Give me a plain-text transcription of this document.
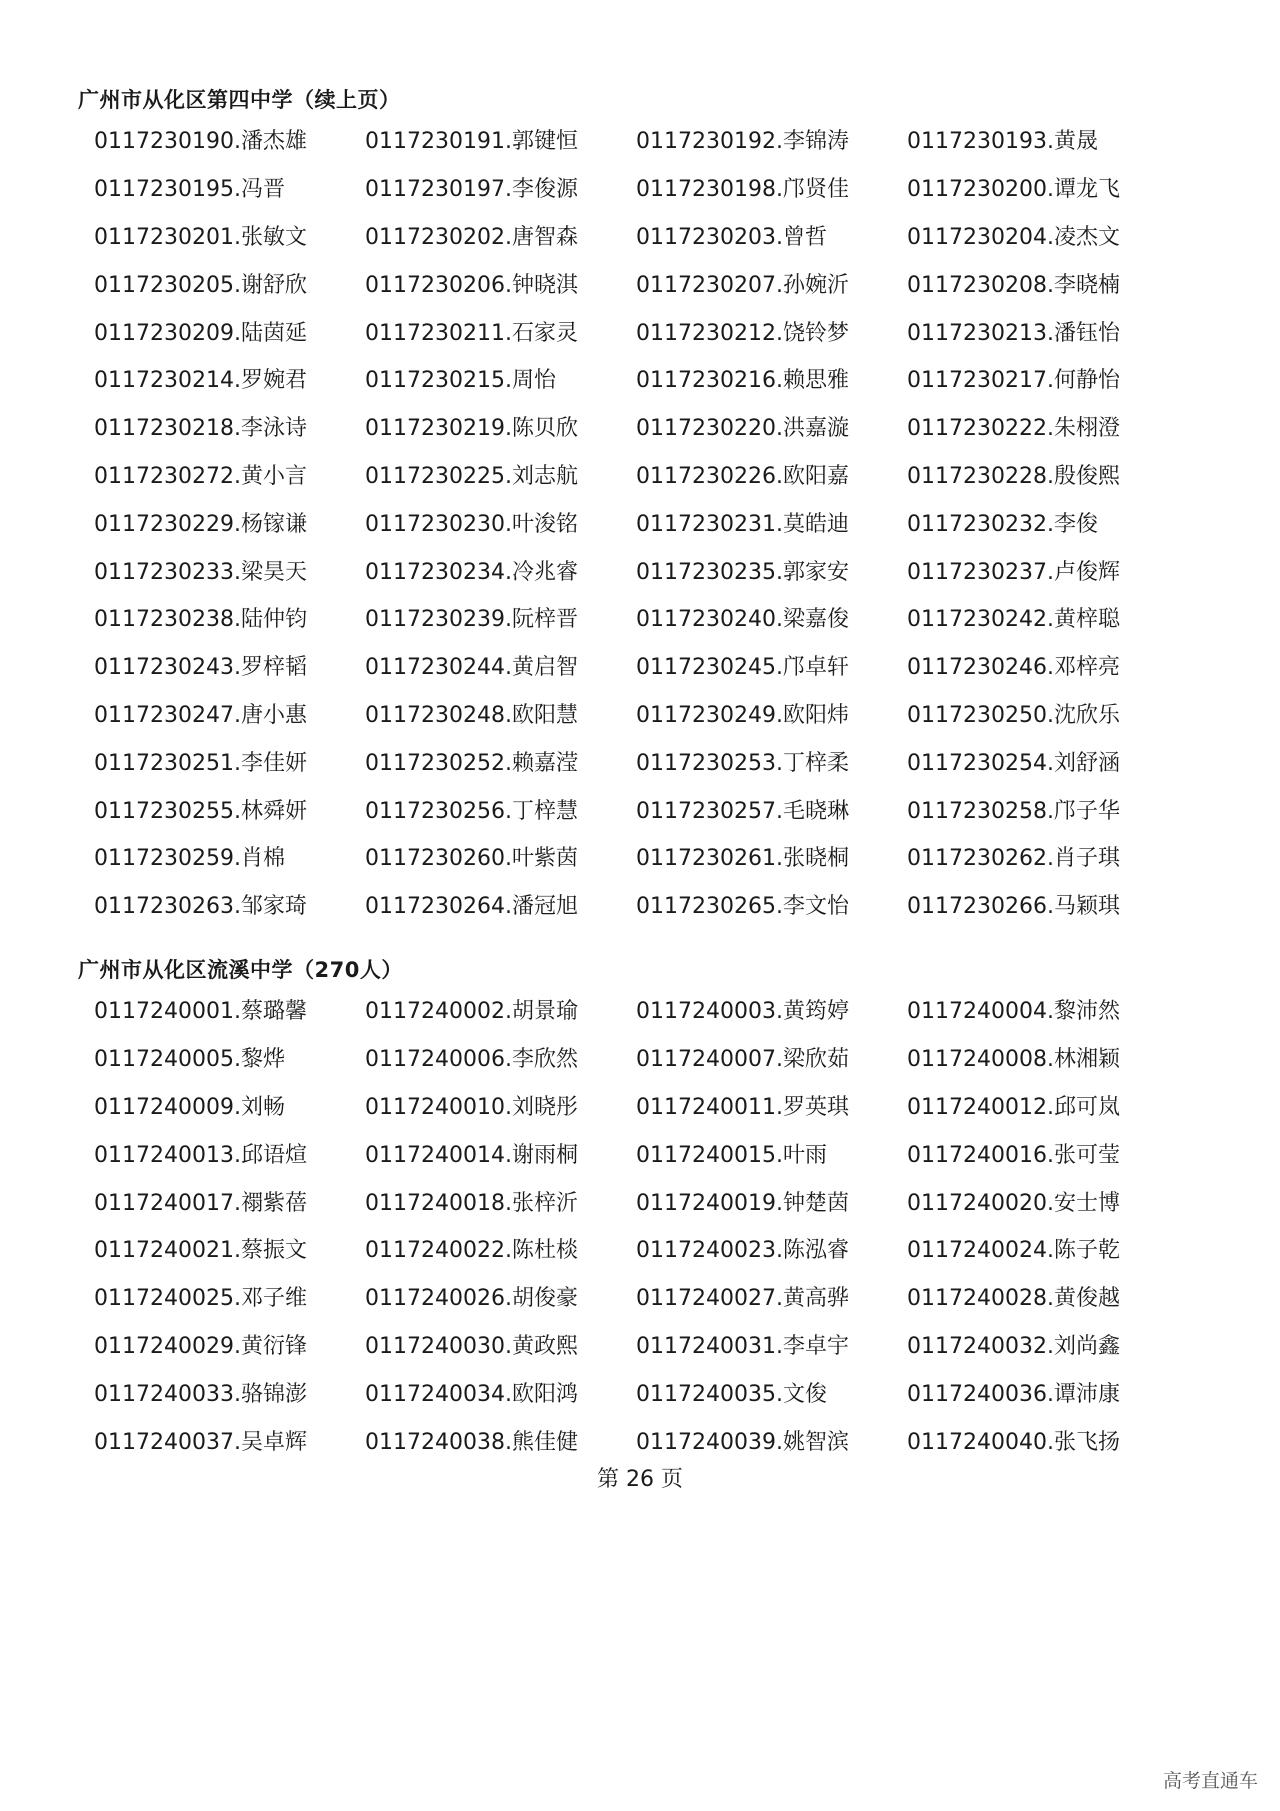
广州市从化区第四中学（续上页）
0117230190.潘杰雄	0117230191.郭键恒	0117230192.李锦涛	0117230193.黄晟
0117230195.冯晋	0117230197.李俊源	0117230198.邝贤佳	0117230200.谭龙飞
0117230201.张敏文	0117230202.唐智森	0117230203.曾哲	0117230204.凌杰文
0117230205.谢舒欣	0117230206.钟晓淇	0117230207.孙婉沂	0117230208.李晓楠
0117230209.陆茵延	0117230211.石家灵	0117230212.饶铃梦	0117230213.潘钰怡
0117230214.罗婉君	0117230215.周怡	0117230216.赖思雅	0117230217.何静怡
0117230218.李泳诗	0117230219.陈贝欣	0117230220.洪嘉漩	0117230222.朱栩澄
0117230272.黄小言	0117230225.刘志航	0117230226.欧阳嘉	0117230228.殷俊熙
0117230229.杨镓谦	0117230230.叶浚铭	0117230231.莫皓迪	0117230232.李俊
0117230233.梁昊天	0117230234.冷兆睿	0117230235.郭家安	0117230237.卢俊辉
0117230238.陆仲钧	0117230239.阮梓晋	0117230240.梁嘉俊	0117230242.黄梓聪
0117230243.罗梓韬	0117230244.黄启智	0117230245.邝卓轩	0117230246.邓梓亮
0117230247.唐小惠	0117230248.欧阳慧	0117230249.欧阳炜	0117230250.沈欣乐
0117230251.李佳妍	0117230252.赖嘉滢	0117230253.丁梓柔	0117230254.刘舒涵
0117230255.林舜妍	0117230256.丁梓慧	0117230257.毛晓琳	0117230258.邝子华
0117230259.肖棉	0117230260.叶紫茵	0117230261.张晓桐	0117230262.肖子琪
0117230263.邹家琦	0117230264.潘冠旭	0117230265.李文怡	0117230266.马颖琪
广州市从化区流溪中学（270人）
0117240001.蔡璐馨	0117240002.胡景瑜	0117240003.黄筠婷	0117240004.黎沛然
0117240005.黎烨	0117240006.李欣然	0117240007.梁欣茹	0117240008.林湘颖
0117240009.刘畅	0117240010.刘晓彤	0117240011.罗英琪	0117240012.邱可岚
0117240013.邱语煊	0117240014.谢雨桐	0117240015.叶雨	0117240016.张可莹
0117240017.禤紫蓓	0117240018.张梓沂	0117240019.钟楚茵	0117240020.安士博
0117240021.蔡振文	0117240022.陈杜棪	0117240023.陈泓睿	0117240024.陈子乾
0117240025.邓子维	0117240026.胡俊豪	0117240027.黄高骅	0117240028.黄俊越
0117240029.黄衍锋	0117240030.黄政熙	0117240031.李卓宇	0117240032.刘尚鑫
0117240033.骆锦澎	0117240034.欧阳鸿	0117240035.文俊	0117240036.谭沛康
0117240037.吴卓辉	0117240038.熊佳健	0117240039.姚智滨	0117240040.张飞扬
第 26 页
高考直通车
